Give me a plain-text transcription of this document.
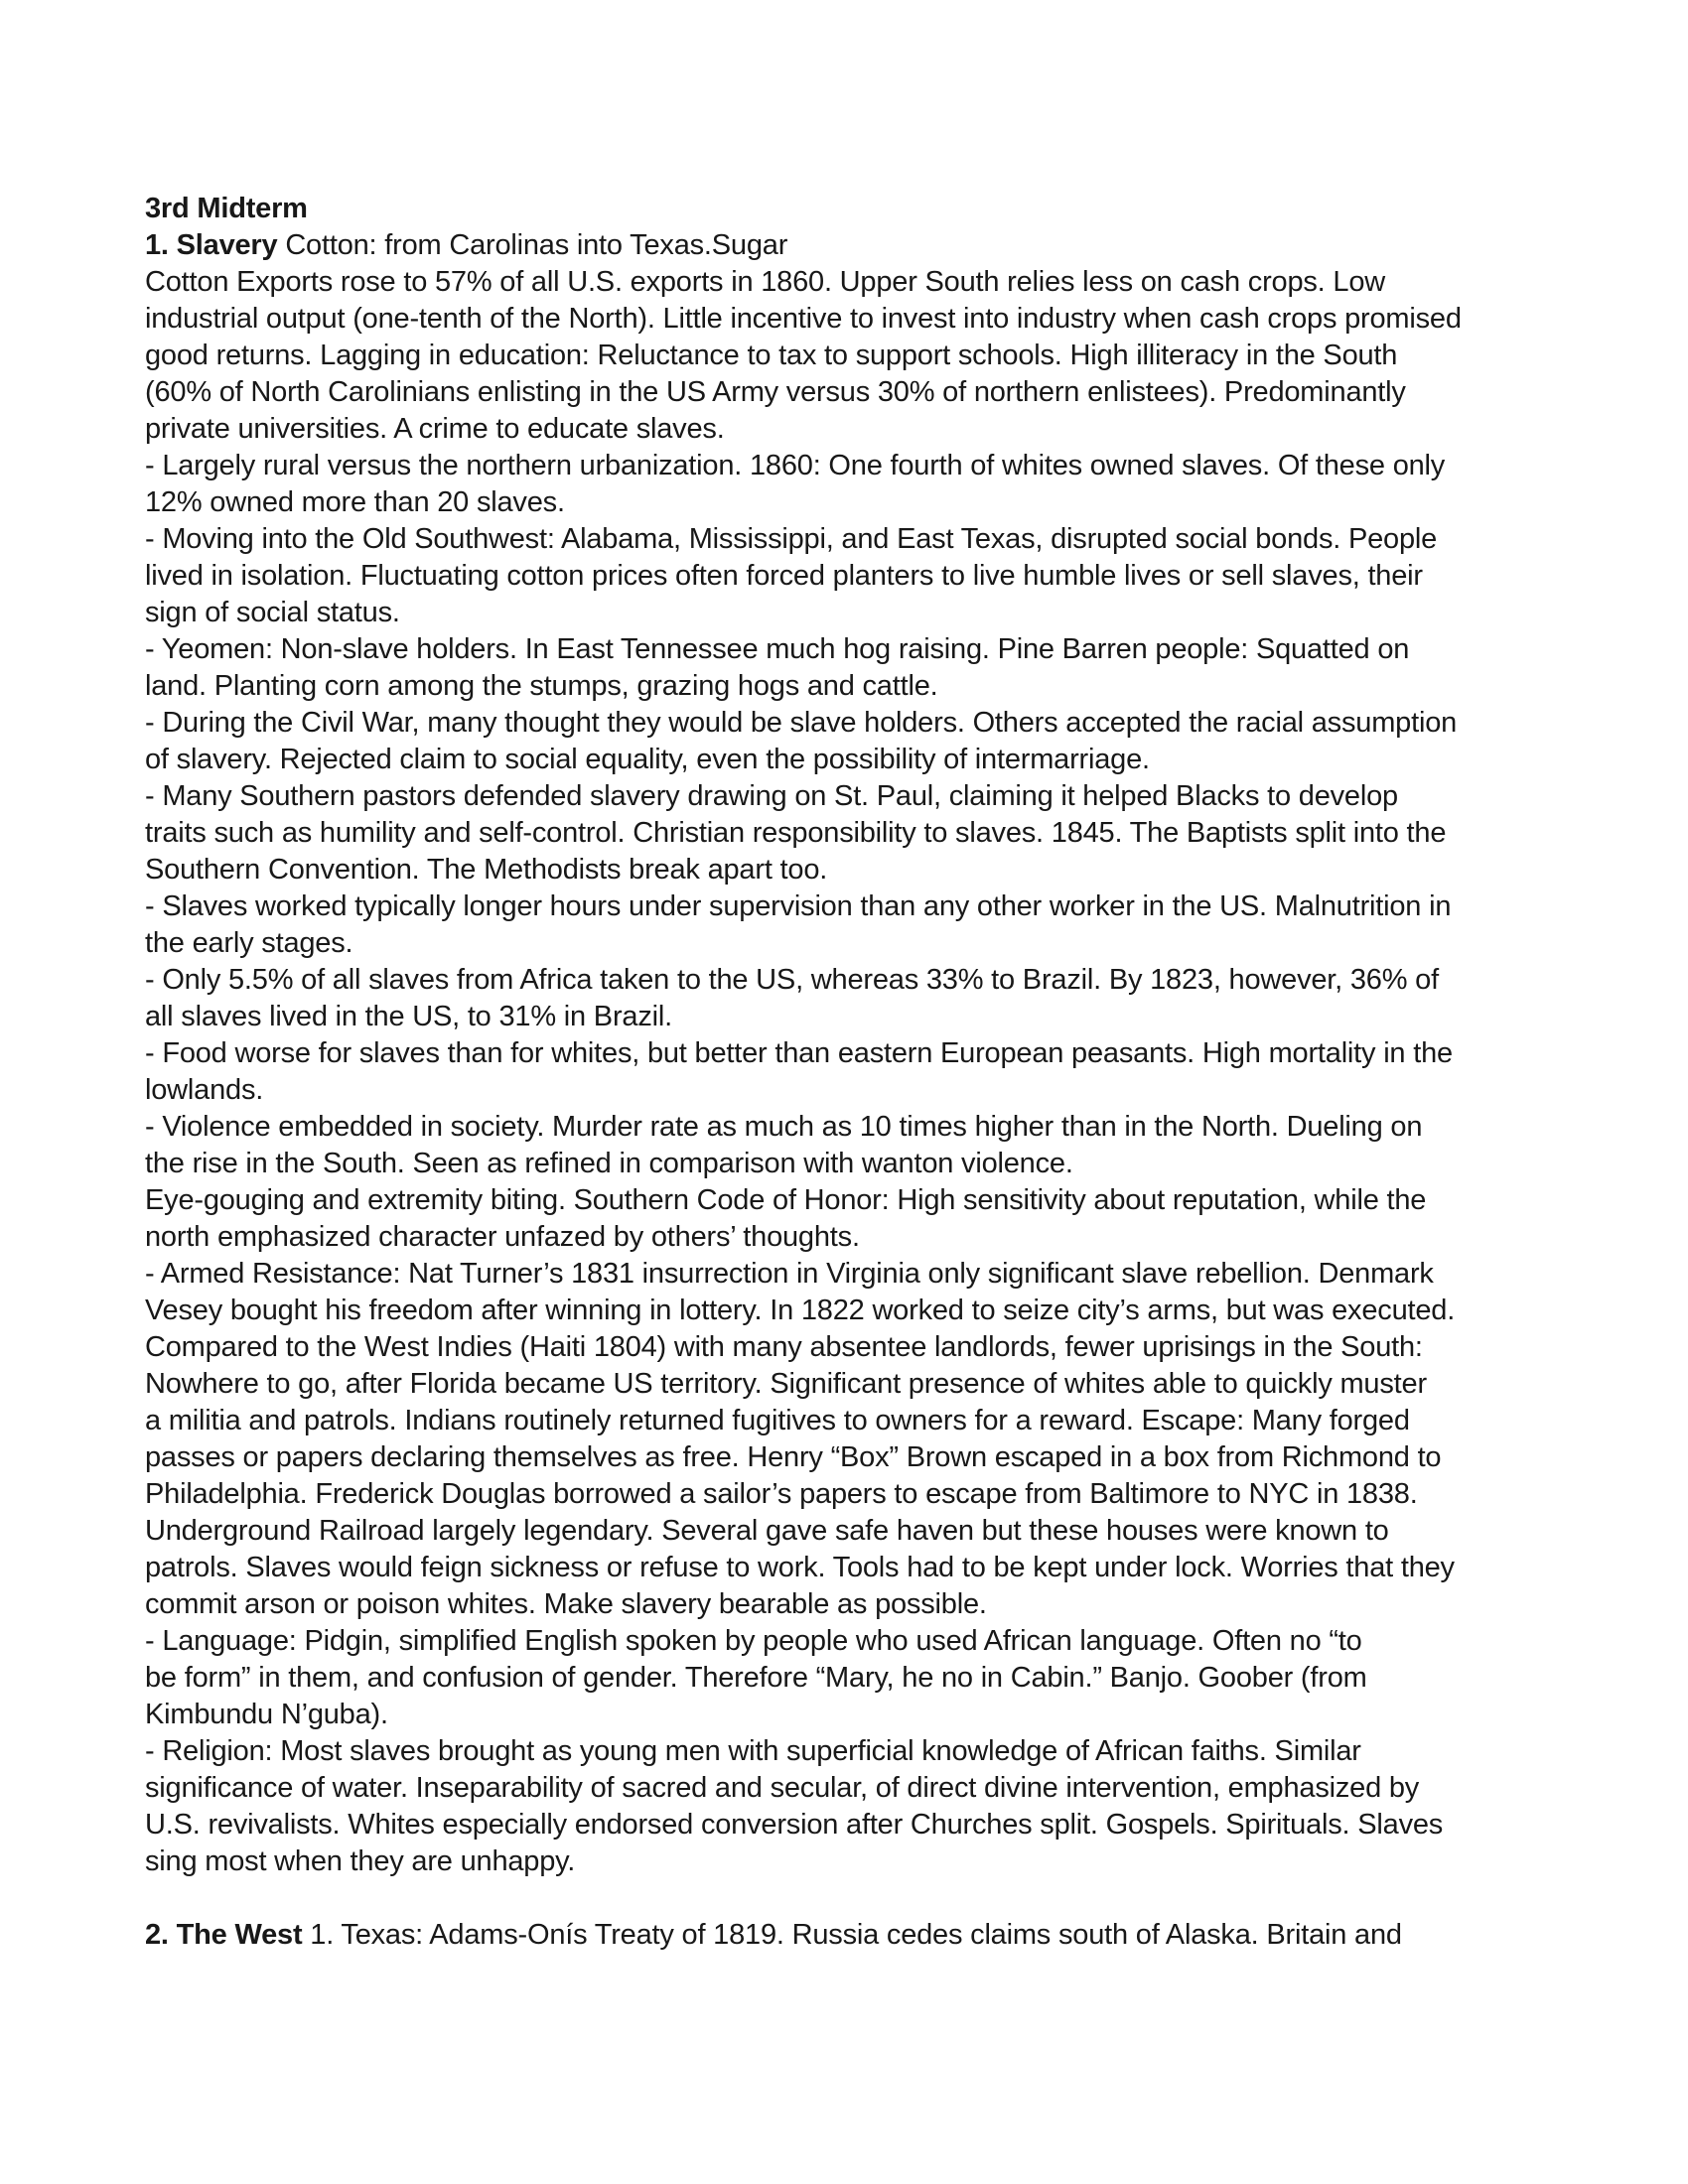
3rd Midterm

1. Slavery Cotton: from Carolinas into Texas.Sugar

Cotton Exports rose to 57% of all U.S. exports in 1860. Upper South relies less on cash crops. Low
industrial output (one-tenth of the North). Little incentive to invest into industry when cash crops promised
good returns. Lagging in education: Reluctance to tax to support schools. High illiteracy in the South
(60% of North Carolinians enlisting in the US Army versus 30% of northern enlistees). Predominantly
private universities. A crime to educate slaves.

- Largely rural versus the northern urbanization. 1860: One fourth of whites owned slaves. Of these only
12% owned more than 20 slaves.

- Moving into the Old Southwest: Alabama, Mississippi, and East Texas, disrupted social bonds. People
lived in isolation. Fluctuating cotton prices often forced planters to live humble lives or sell slaves, their
sign of social status.

- Yeomen: Non-slave holders. In East Tennessee much hog raising. Pine Barren people: Squatted on
land. Planting corn among the stumps, grazing hogs and cattle.

- During the Civil War, many thought they would be slave holders. Others accepted the racial assumption
of slavery. Rejected claim to social equality, even the possibility of intermarriage.

- Many Southern pastors defended slavery drawing on St. Paul, claiming it helped Blacks to develop
traits such as humility and self-control. Christian responsibility to slaves. 1845. The Baptists split into the
Southern Convention. The Methodists break apart too.

- Slaves worked typically longer hours under supervision than any other worker in the US. Malnutrition in
the early stages.

- Only 5.5% of all slaves from Africa taken to the US, whereas 33% to Brazil. By 1823, however, 36% of
all slaves lived in the US, to 31% in Brazil.

- Food worse for slaves than for whites, but better than eastern European peasants. High mortality in the
lowlands.

- Violence embedded in society. Murder rate as much as 10 times higher than in the North. Dueling on
the rise in the South. Seen as refined in comparison with wanton violence.

Eye-gouging and extremity biting. Southern Code of Honor: High sensitivity about reputation, while the
north emphasized character unfazed by others’ thoughts.

- Armed Resistance: Nat Turner’s 1831 insurrection in Virginia only significant slave rebellion. Denmark
Vesey bought his freedom after winning in lottery. In 1822 worked to seize city’s arms, but was executed.
Compared to the West Indies (Haiti 1804) with many absentee landlords, fewer uprisings in the South:
Nowhere to go, after Florida became US territory. Significant presence of whites able to quickly muster
a militia and patrols. Indians routinely returned fugitives to owners for a reward. Escape: Many forged
passes or papers declaring themselves as free. Henry “Box” Brown escaped in a box from Richmond to
Philadelphia. Frederick Douglas borrowed a sailor’s papers to escape from Baltimore to NYC in 1838.
Underground Railroad largely legendary. Several gave safe haven but these houses were known to
patrols. Slaves would feign sickness or refuse to work. Tools had to be kept under lock. Worries that they
commit arson or poison whites. Make slavery bearable as possible.

- Language: Pidgin, simplified English spoken by people who used African language. Often no “to
be form” in them, and confusion of gender. Therefore “Mary, he no in Cabin.” Banjo. Goober (from
Kimbundu N’guba).

- Religion: Most slaves brought as young men with superficial knowledge of African faiths. Similar
significance of water. Inseparability of sacred and secular, of direct divine intervention, emphasized by
U.S. revivalists. Whites especially endorsed conversion after Churches split. Gospels. Spirituals. Slaves
sing most when they are unhappy.

2. The West 1. Texas: Adams-Onís Treaty of 1819. Russia cedes claims south of Alaska. Britain and
